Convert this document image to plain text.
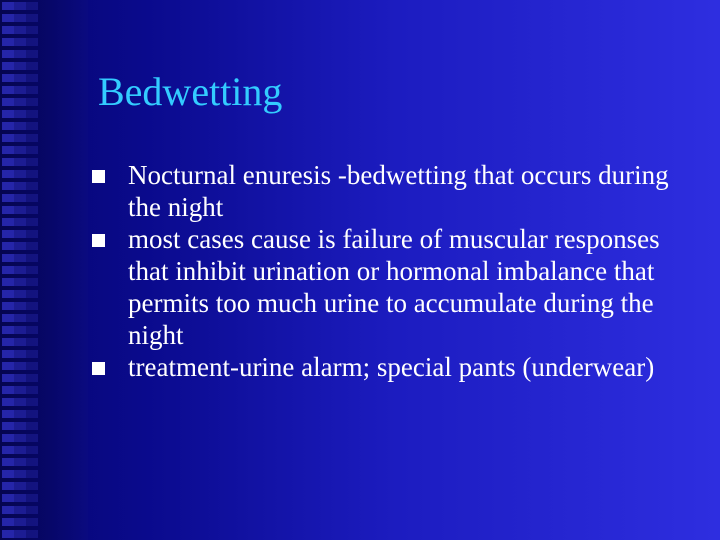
Bedwetting
Nocturnal enuresis -bedwetting that occurs during the night
most cases cause is failure of muscular responses that inhibit urination or hormonal imbalance that permits too much urine to accumulate during the night
treatment-urine alarm; special pants (underwear)
